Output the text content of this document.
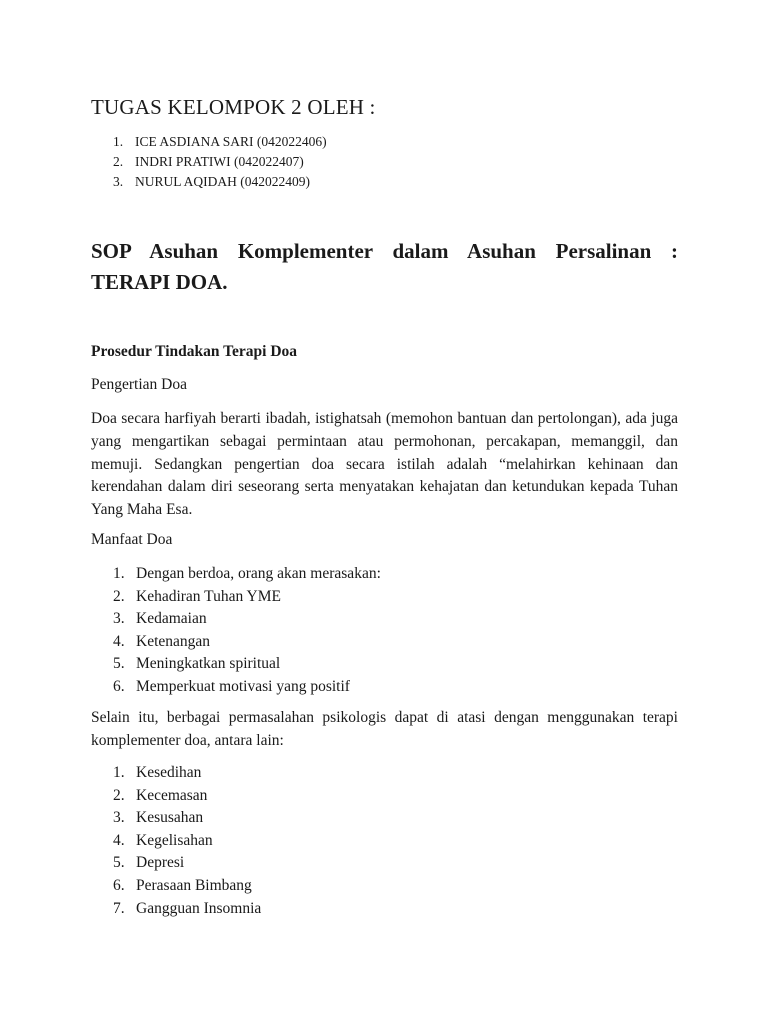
TUGAS KELOMPOK 2 OLEH :
1. ICE ASDIANA SARI (042022406)
2. INDRI PRATIWI (042022407)
3. NURUL AQIDAH (042022409)
SOP Asuhan Komplementer dalam Asuhan Persalinan :
TERAPI DOA.
Prosedur Tindakan Terapi Doa

Pengertian Doa

Doa secara harfiyah berarti ibadah, istighatsah (memohon bantuan dan pertolongan), ada juga yang mengartikan sebagai permintaan atau permohonan, percakapan, memanggil, dan memuji. Sedangkan pengertian doa secara istilah adalah “melahirkan kehinaan dan kerendahan dalam diri seseorang serta menyatakan kehajatan dan ketundukan kepada Tuhan Yang Maha Esa.

Manfaat Doa

1. Dengan berdoa, orang akan merasakan:
2. Kehadiran Tuhan YME
3. Kedamaian
4. Ketenangan
5. Meningkatkan spiritual
6. Memperkuat motivasi yang positif

Selain itu, berbagai permasalahan psikologis dapat di atasi dengan menggunakan terapi komplementer doa, antara lain:

1. Kesedihan
2. Kecemasan
3. Kesusahan
4. Kegelisahan
5. Depresi
6. Perasaan Bimbang
7. Gangguan Insomnia
